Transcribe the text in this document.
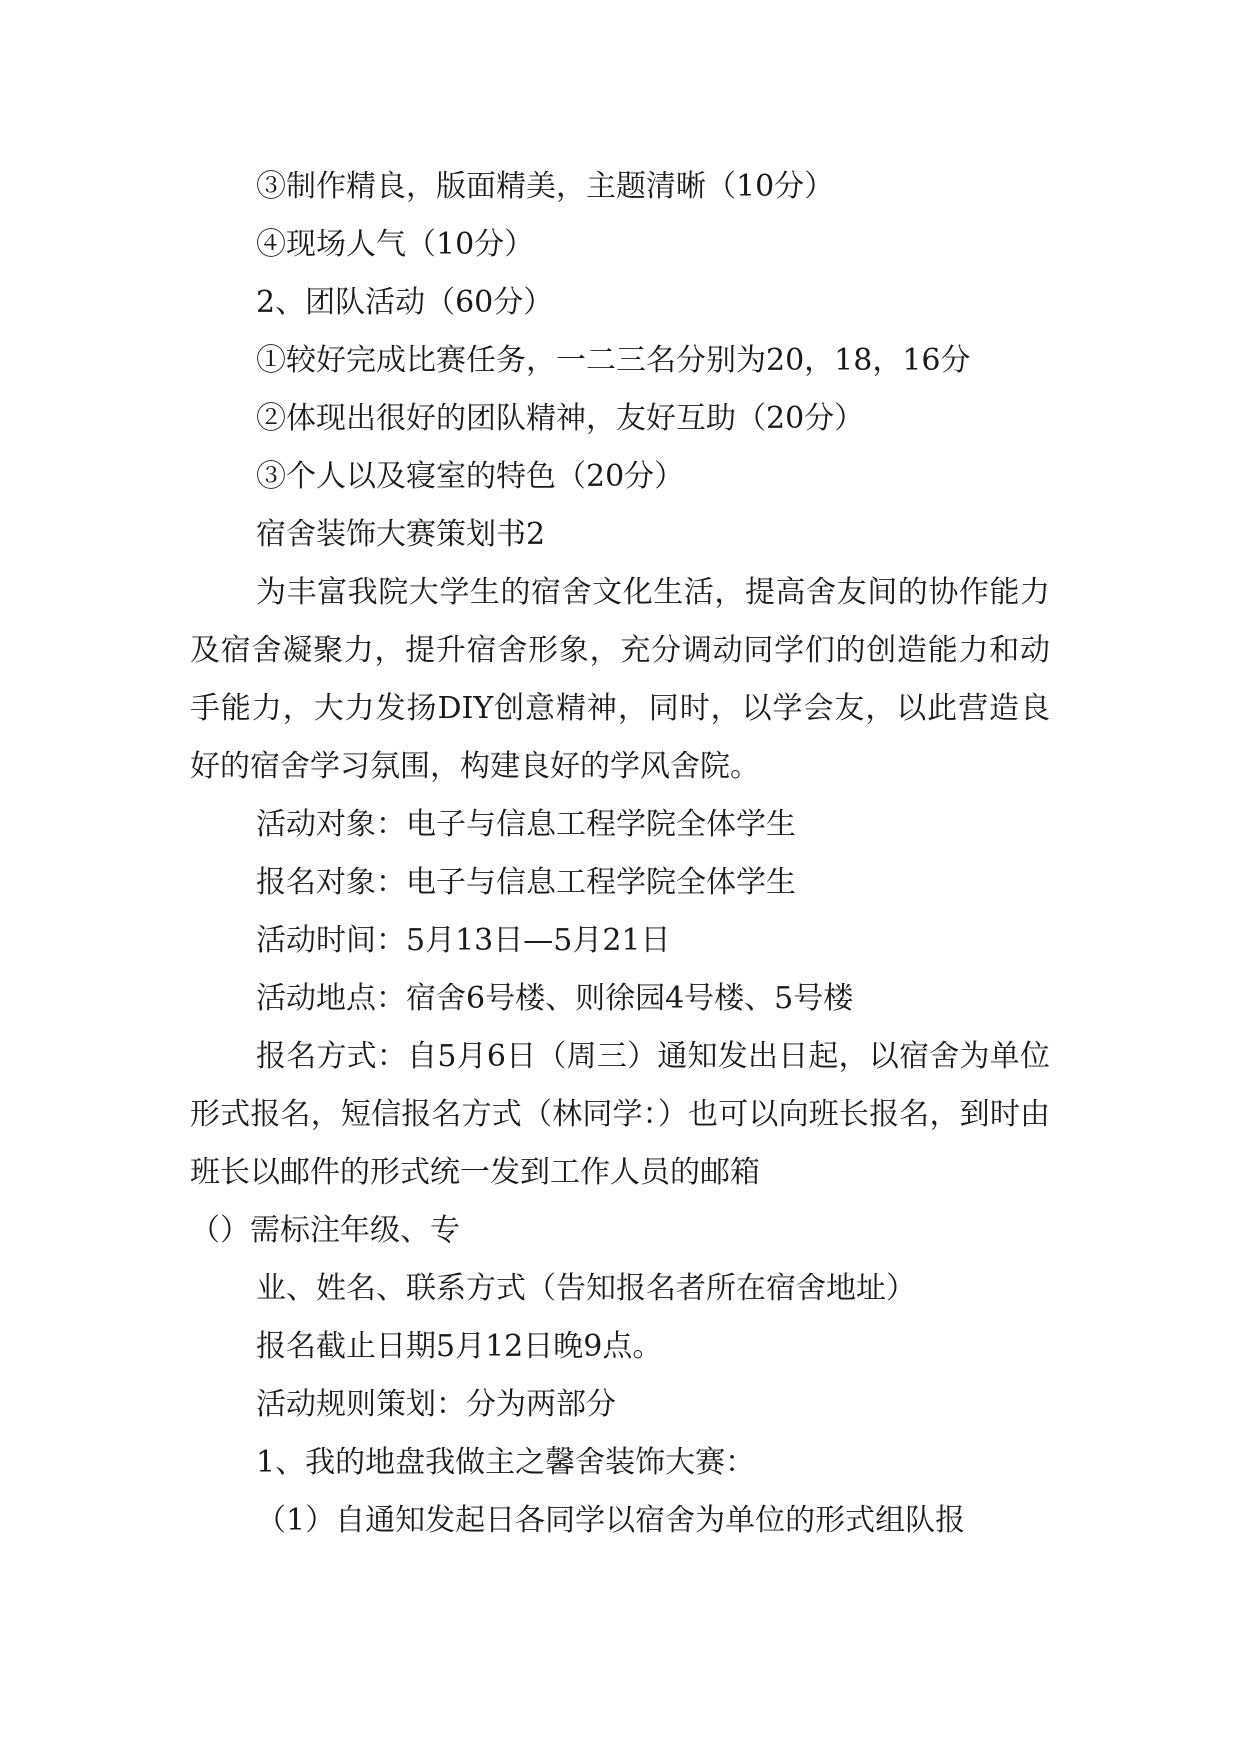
③制作精良，版面精美，主题清晰（10分）

④现场人气（10分）

2、团队活动（60分）

①较好完成比赛任务，一二三名分别为20，18，16分

②体现出很好的团队精神，友好互助（20分）

③个人以及寝室的特色（20分）

宿舍装饰大赛策划书2

为丰富我院大学生的宿舍文化生活，提高舍友间的协作能力及宿舍凝聚力，提升宿舍形象，充分调动同学们的创造能力和动手能力，大力发扬DIY创意精神，同时，以学会友，以此营造良好的宿舍学习氛围，构建良好的学风舍院。

活动对象：电子与信息工程学院全体学生

报名对象：电子与信息工程学院全体学生

活动时间：5月13日—5月21日

活动地点：宿舍6号楼、则徐园4号楼、5号楼

报名方式：自5月6日（周三）通知发出日起，以宿舍为单位形式报名，短信报名方式（林同学：）也可以向班长报名，到时由班长以邮件的形式统一发到工作人员的邮箱

（）需标注年级、专

业、姓名、联系方式（告知报名者所在宿舍地址）

报名截止日期5月12日晚9点。

活动规则策划：分为两部分

1、我的地盘我做主之馨舍装饰大赛：

（1）自通知发起日各同学以宿舍为单位的形式组队报
